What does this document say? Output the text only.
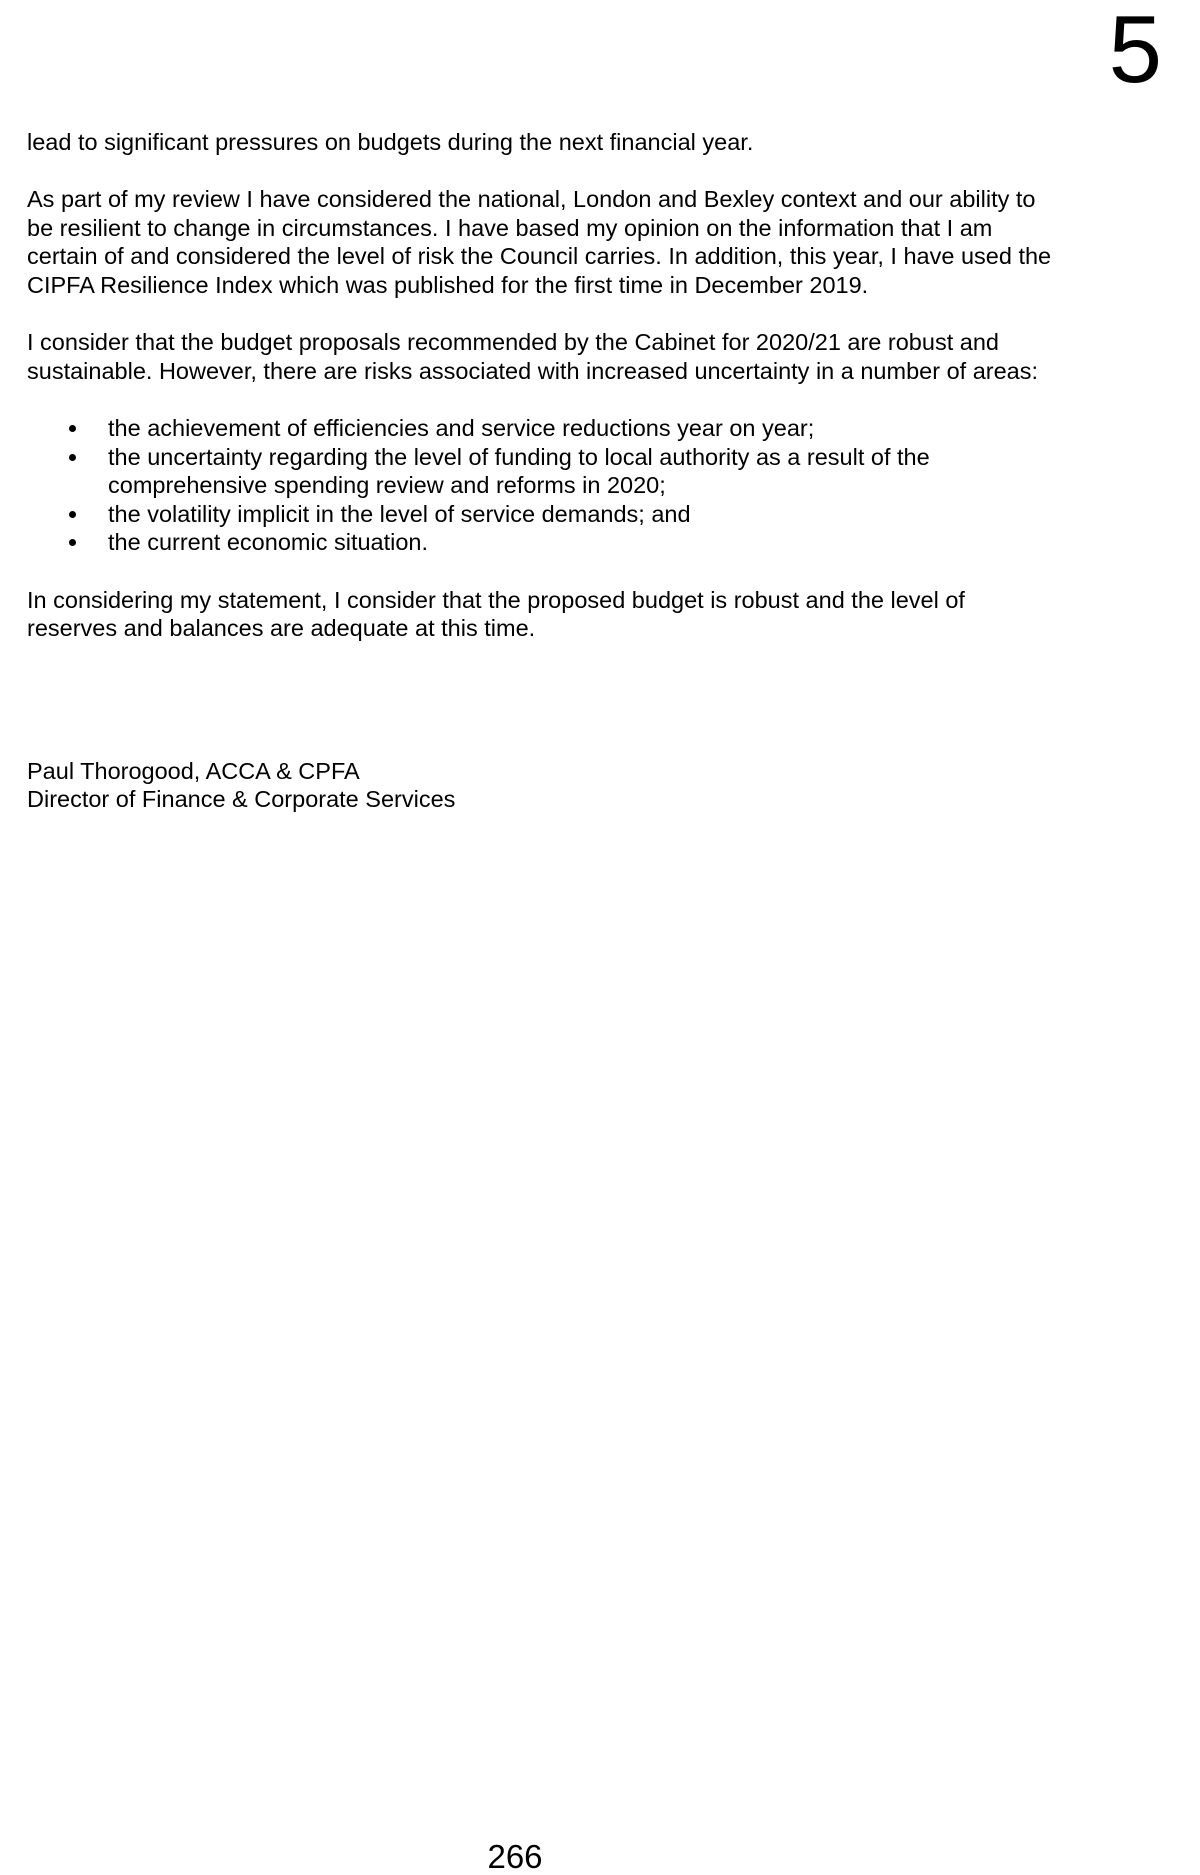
5

lead to significant pressures on budgets during the next financial year.

As part of my review I have considered the national, London and Bexley context and our ability to be resilient to change in circumstances. I have based my opinion on the information that I am certain of and considered the level of risk the Council carries. In addition, this year, I have used the CIPFA Resilience Index which was published for the first time in December 2019.

I consider that the budget proposals recommended by the Cabinet for 2020/21 are robust and sustainable. However, there are risks associated with increased uncertainty in a number of areas:

the achievement of efficiencies and service reductions year on year;
the uncertainty regarding the level of funding to local authority as a result of the comprehensive spending review and reforms in 2020;
the volatility implicit in the level of service demands; and
the current economic situation.

In considering my statement, I consider that the proposed budget is robust and the level of reserves and balances are adequate at this time.

Paul Thorogood, ACCA & CPFA
Director of Finance & Corporate Services
266
